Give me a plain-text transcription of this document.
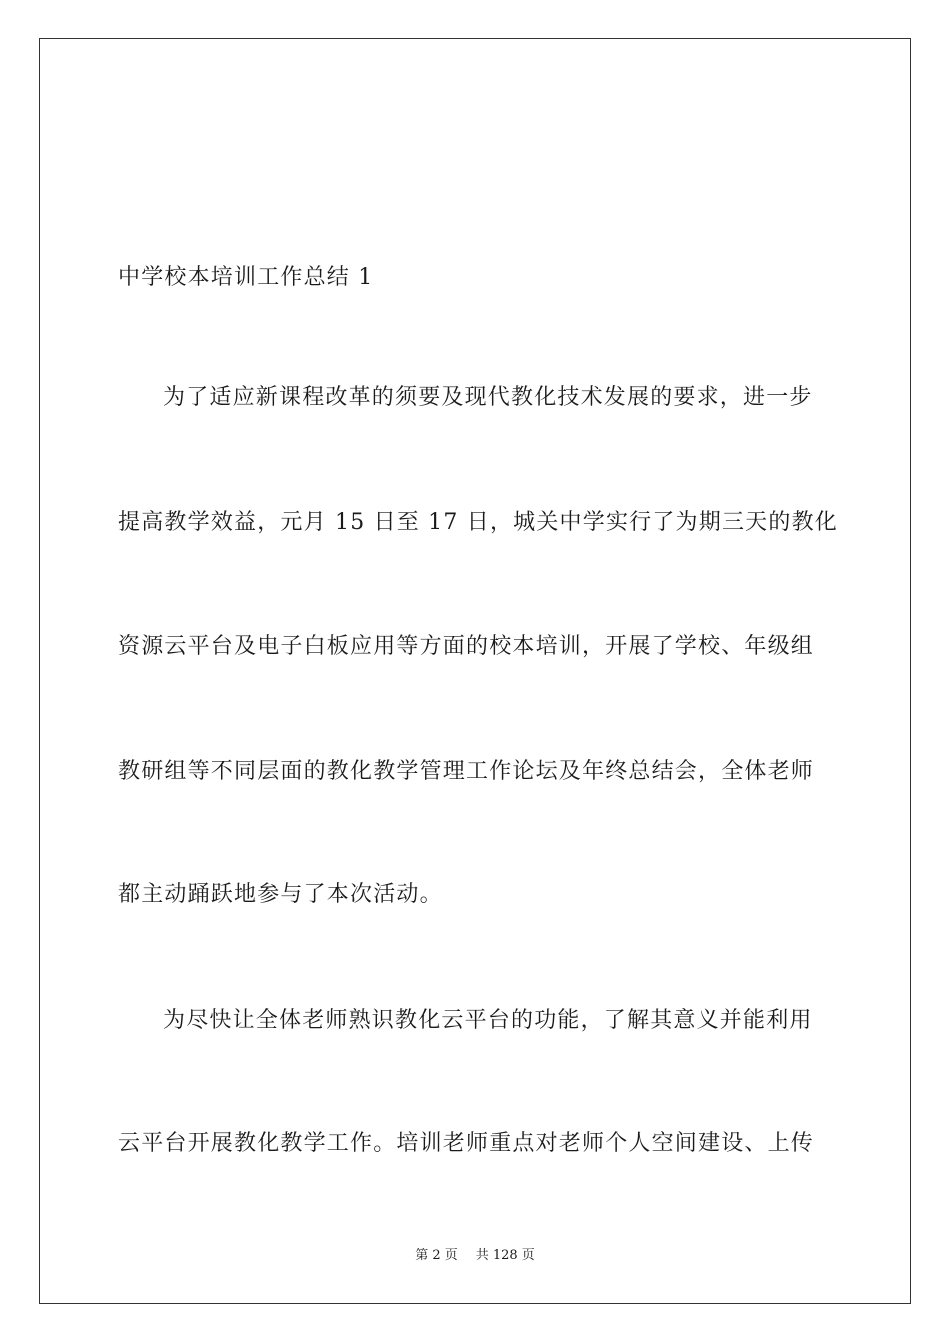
中学校本培训工作总结 1
为了适应新课程改革的须要及现代教化技术发展的要求，进一步
提高教学效益，元月 15 日至 17 日，城关中学实行了为期三天的教化
资源云平台及电子白板应用等方面的校本培训，开展了学校、年级组
教研组等不同层面的教化教学管理工作论坛及年终总结会，全体老师
都主动踊跃地参与了本次活动。
为尽快让全体老师熟识教化云平台的功能，了解其意义并能利用
云平台开展教化教学工作。培训老师重点对老师个人空间建设、上传
第 2 页 共 128 页
